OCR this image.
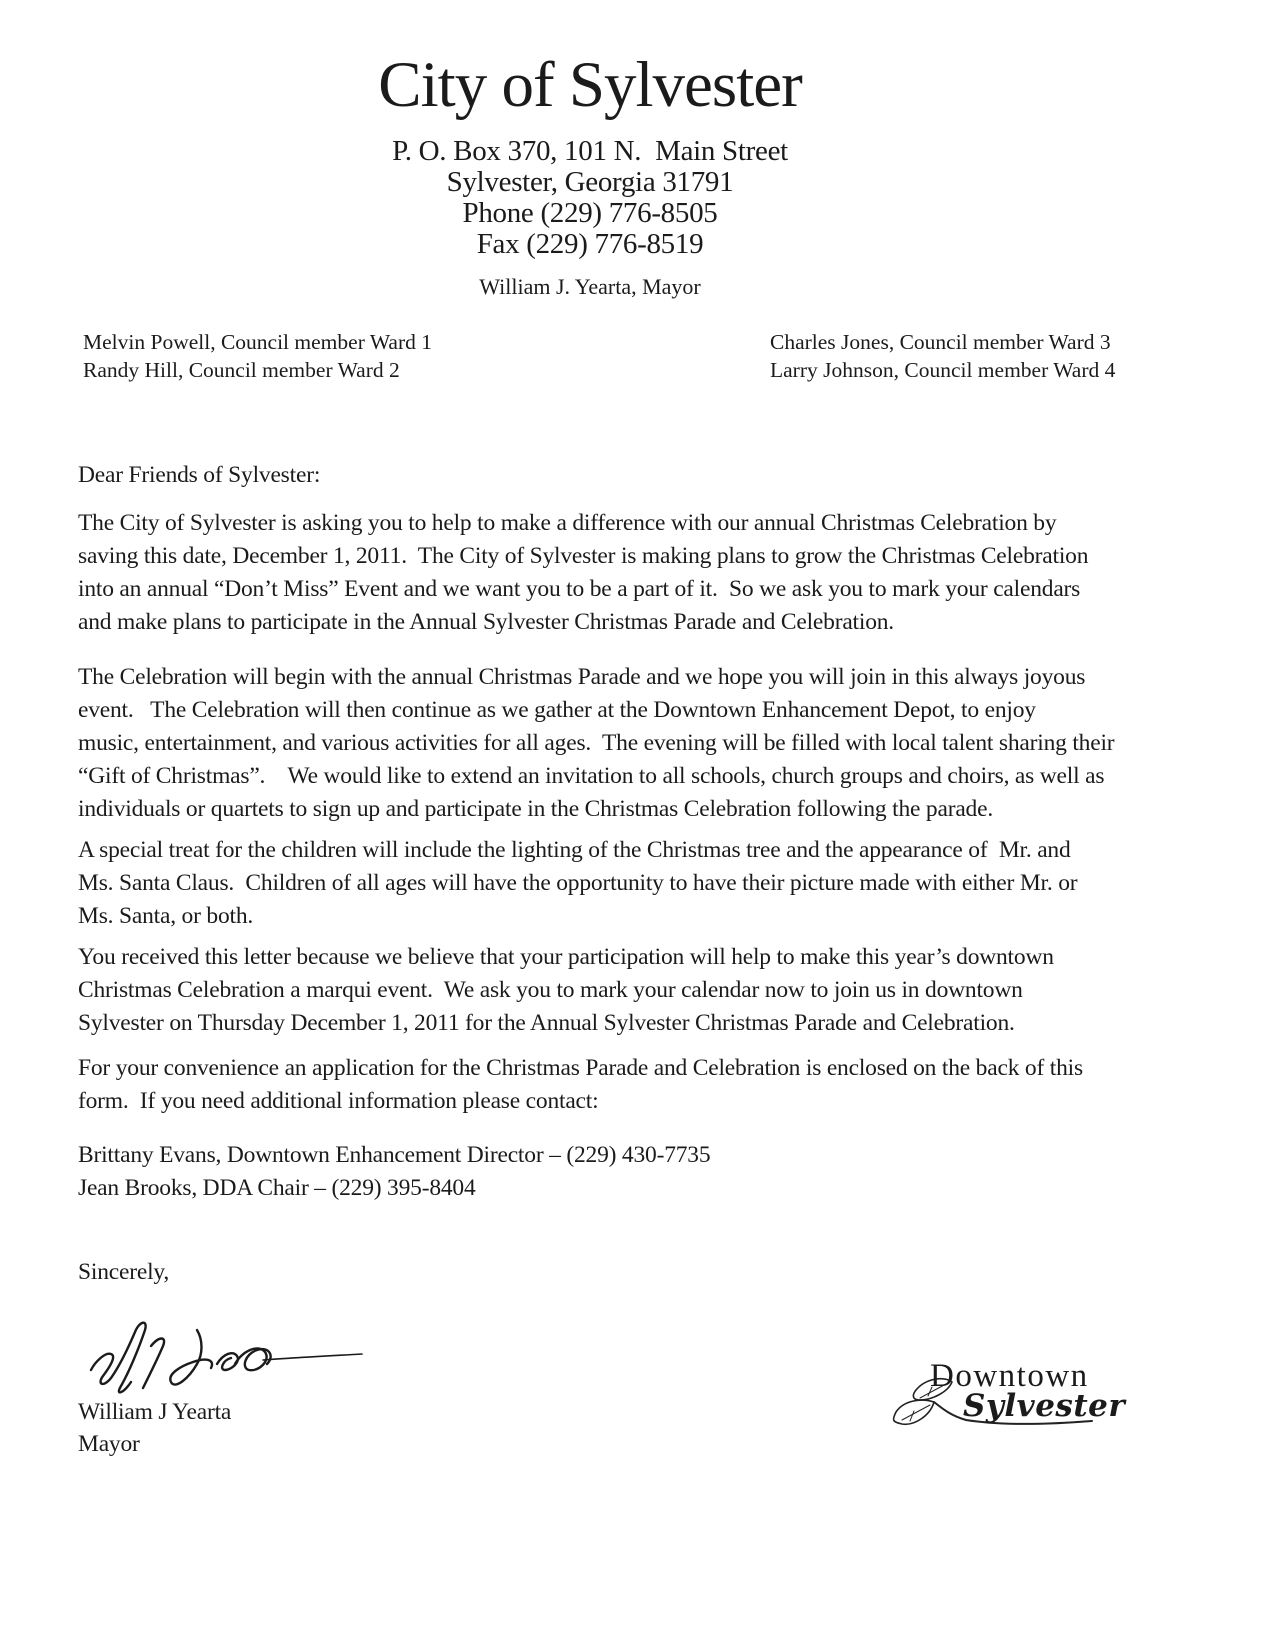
City of Sylvester
P. O. Box 370, 101 N.  Main Street
Sylvester, Georgia 31791
Phone (229) 776-8505
Fax (229) 776-8519
William J. Yearta, Mayor
Melvin Powell, Council member Ward 1
Randy Hill, Council member Ward 2
Charles Jones, Council member Ward 3
Larry Johnson, Council member Ward 4
Dear Friends of Sylvester:
The City of Sylvester is asking you to help to make a difference with our annual Christmas Celebration by
saving this date, December 1, 2011.  The City of Sylvester is making plans to grow the Christmas Celebration
into an annual “Don’t Miss” Event and we want you to be a part of it.  So we ask you to mark your calendars
and make plans to participate in the Annual Sylvester Christmas Parade and Celebration.
The Celebration will begin with the annual Christmas Parade and we hope you will join in this always joyous
event.   The Celebration will then continue as we gather at the Downtown Enhancement Depot, to enjoy
music, entertainment, and various activities for all ages.  The evening will be filled with local talent sharing their
“Gift of Christmas”.    We would like to extend an invitation to all schools, church groups and choirs, as well as
individuals or quartets to sign up and participate in the Christmas Celebration following the parade.
A special treat for the children will include the lighting of the Christmas tree and the appearance of  Mr. and
Ms. Santa Claus.  Children of all ages will have the opportunity to have their picture made with either Mr. or
Ms. Santa, or both.
You received this letter because we believe that your participation will help to make this year’s downtown
Christmas Celebration a marqui event.  We ask you to mark your calendar now to join us in downtown
Sylvester on Thursday December 1, 2011 for the Annual Sylvester Christmas Parade and Celebration.
For your convenience an application for the Christmas Parade and Celebration is enclosed on the back of this
form.  If you need additional information please contact:
Brittany Evans, Downtown Enhancement Director – (229) 430-7735
Jean Brooks, DDA Chair – (229) 395-8404
Sincerely,
William J Yearta
Mayor
Downtown
Sylvester
